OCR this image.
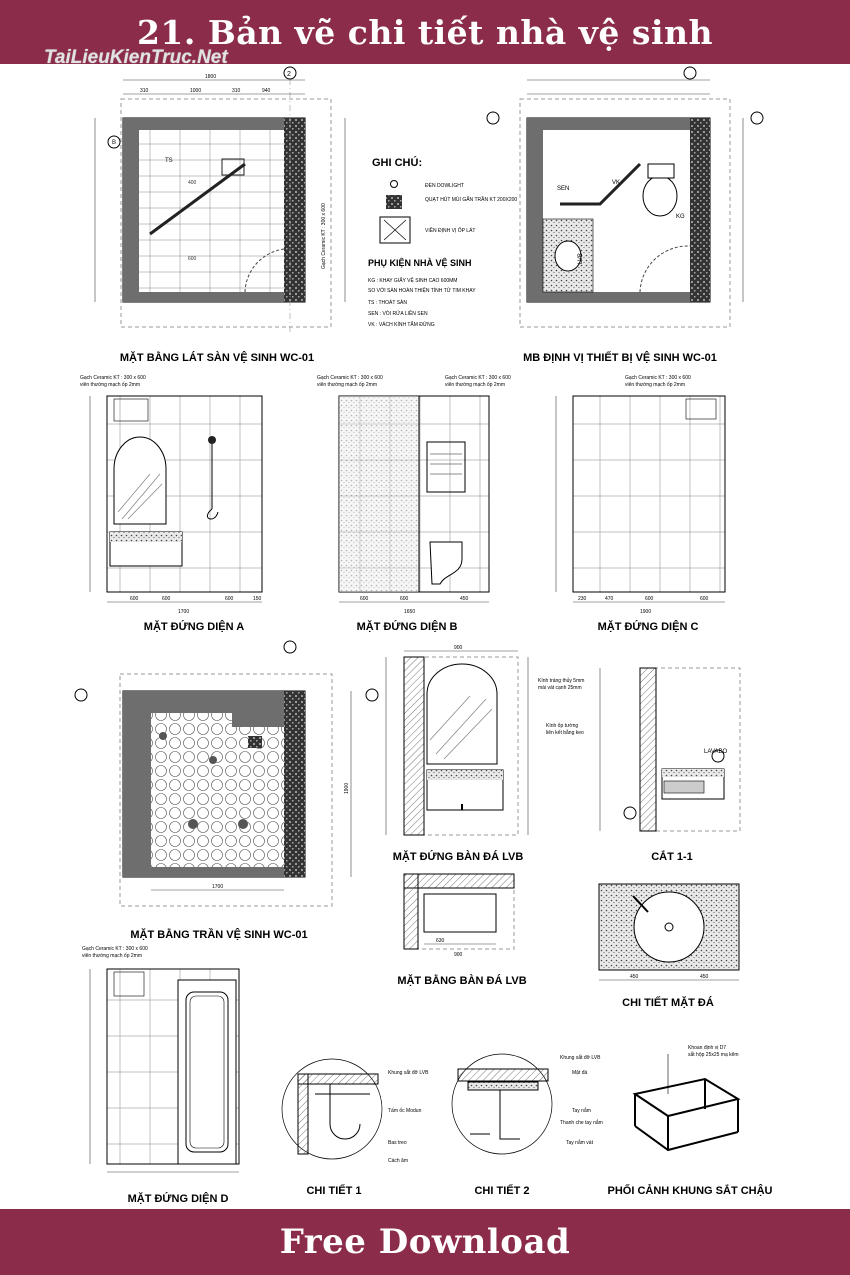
21. Bản vẽ chi tiết nhà vệ sinh
400
600
TS
B
2
1800
310	1000	310	940
Gạch Ceramic KT : 300 x 600
MẶT BẰNG LÁT SÀN VỆ SINH WC-01
GHI CHÚ:
ĐÈN DOWLIGHT
QUẠT HÚT MÙI GẮN TRẦN KT 200X200
VIỀN ĐỊNH VỊ ỐP LÁT
PHỤ KIỆN NHÀ VỆ SINH
KG : KHAY GIẤY VỆ SINH CAO 600MM
SO VỚI SÀN HOÀN THIỆN TÍNH TỪ TIM KHAY
TS : THOÁT SÀN
SEN : VÒI RỬA LIỀN SEN
VK : VÁCH KÍNH TẮM ĐỨNG
SEN
VK
KG
LVB
MB ĐỊNH VỊ THIẾT BỊ VỆ SINH WC-01
Gạch Ceramic KT : 300 x 600
viên thường mạch ốp 2mm
600	600	600	150
1700
MẶT ĐỨNG DIỆN A
Gạch Ceramic KT : 300 x 600
viên thường mạch ốp 2mm
Gạch Ceramic KT : 300 x 600
viên thường mạch ốp 2mm
600	600	450
1650
MẶT ĐỨNG DIỆN B
Gạch Ceramic KT : 300 x 600
viên thường mạch ốp 2mm
230	470	600	600
1900
MẶT ĐỨNG DIỆN C
1700
1900
MẶT BẰNG TRẦN VỆ SINH WC-01
Kính tráng thủy 5mm
mài vát cạnh 25mm
Kính ốp tường
liên kết bằng keo
900
MẶT ĐỨNG BÀN ĐÁ LVB
LAVABO
CẮT 1-1
630
900
MẶT BẰNG BÀN ĐÁ LVB	450	450
CHI TIẾT MẶT ĐÁ
Gạch Ceramic KT : 300 x 600
viên thường mạch ốp 2mm
MẶT ĐỨNG DIỆN D
Khung sắt đỡ LVB
Tấm ốc Modun
Bas treo
Cách âm
CHI TIẾT 1
Khung sắt đỡ LVB
Mặt đá
Tay nắm
Thanh che tay nắm
Tay nắm vát
CHI TIẾT 2
Khoan định vị D7
sắt hộp 25x25 mạ kẽm
PHỐI CẢNH KHUNG SẮT CHẬU
TaiLieuKienTruc.Net
Free Download
